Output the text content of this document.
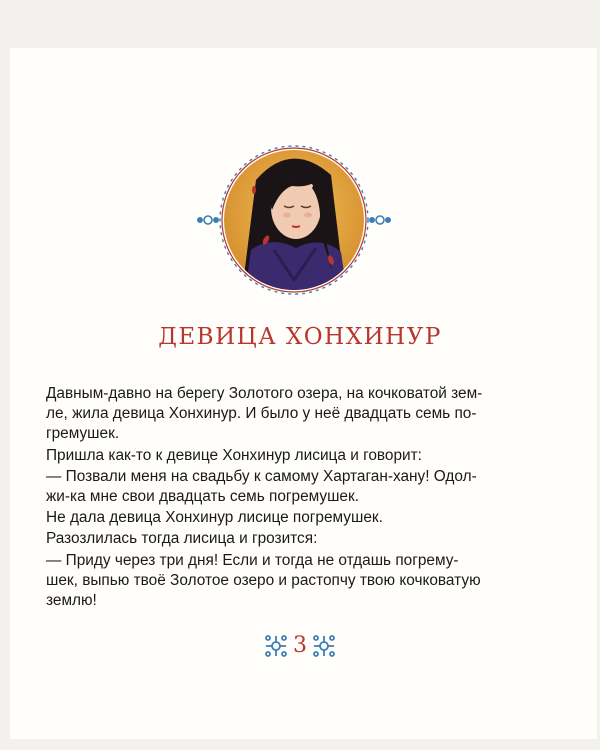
ДЕВИЦА ХОНХИНУР

Давным-давно на берегу Золотого озера, на кочковатой зем-
ле, жила девица Хонхинур. И было у неё двадцать семь по-
гремушек.

Пришла как-то к девице Хонхинур лисица и говорит:

— Позвали меня на свадьбу к самому Хартаган-хану! Одол-
жи-ка мне свои двадцать семь погремушек.

Не дала девица Хонхинур лисице погремушек.

Разозлилась тогда лисица и грозится:

— Приду через три дня! Если и тогда не отдашь погрему-
шек, выпью твоё Золотое озеро и растопчу твою кочковатую
землю!

3
